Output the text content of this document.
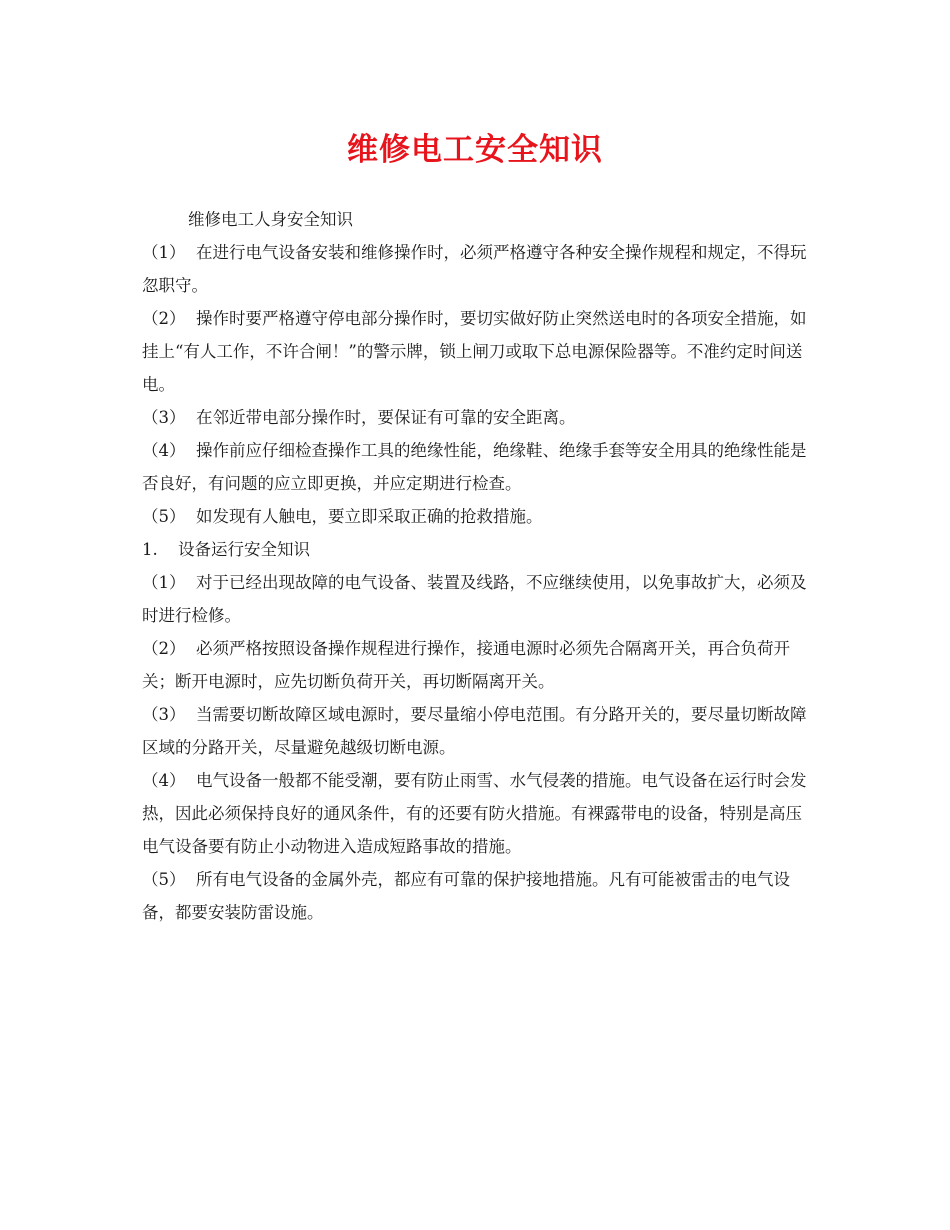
维修电工安全知识

维修电工人身安全知识

（1） 在进行电气设备安装和维修操作时，必须严格遵守各种安全操作规程和规定，不得玩忽职守。

（2） 操作时要严格遵守停电部分操作时，要切实做好防止突然送电时的各项安全措施，如挂上“有人工作，不许合闸！”的警示牌，锁上闸刀或取下总电源保险器等。不准约定时间送电。

（3） 在邻近带电部分操作时，要保证有可靠的安全距离。

（4） 操作前应仔细检查操作工具的绝缘性能，绝缘鞋、绝缘手套等安全用具的绝缘性能是否良好，有问题的应立即更换，并应定期进行检查。

（5） 如发现有人触电，要立即采取正确的抢救措施。

1. 设备运行安全知识

（1） 对于已经出现故障的电气设备、装置及线路，不应继续使用，以免事故扩大，必须及时进行检修。

（2） 必须严格按照设备操作规程进行操作，接通电源时必须先合隔离开关，再合负荷开关；断开电源时，应先切断负荷开关，再切断隔离开关。

（3） 当需要切断故障区域电源时，要尽量缩小停电范围。有分路开关的，要尽量切断故障区域的分路开关，尽量避免越级切断电源。

（4） 电气设备一般都不能受潮，要有防止雨雪、水气侵袭的措施。电气设备在运行时会发热，因此必须保持良好的通风条件，有的还要有防火措施。有裸露带电的设备，特别是高压电气设备要有防止小动物进入造成短路事故的措施。

（5） 所有电气设备的金属外壳，都应有可靠的保护接地措施。凡有可能被雷击的电气设备，都要安装防雷设施。
